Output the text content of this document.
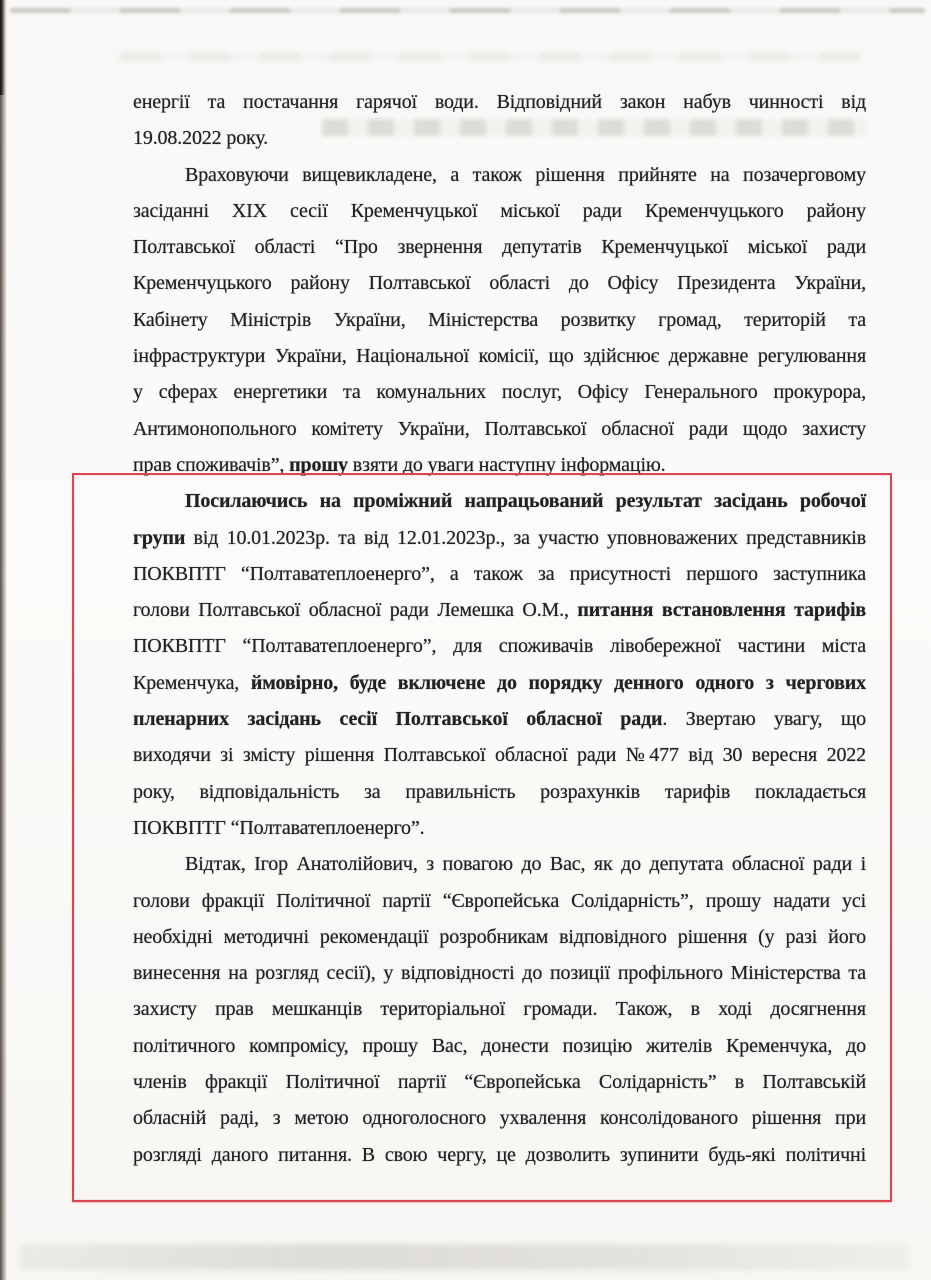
енергії та постачання гарячої води. Відповідний закон набув чинності від
19.08.2022 року.
Враховуючи вищевикладене, а також рішення прийняте на позачерговому
засіданні XIX сесії Кременчуцької міської ради Кременчуцького району
Полтавської області “Про звернення депутатів Кременчуцької міської ради
Кременчуцького району Полтавської області до Офісу Президента України,
Кабінету Міністрів України, Міністерства розвитку громад, територій та
інфраструктури України, Національної комісії, що здійснює державне регулювання
у сферах енергетики та комунальних послуг, Офісу Генерального прокурора,
Антимонопольного комітету України, Полтавської обласної ради щодо захисту
прав споживачів”, прошу взяти до уваги наступну інформацію.
Посилаючись на проміжний напрацьований результат засідань робочої
групи від 10.01.2023р. та від 12.01.2023р., за участю уповноважених представників
ПОКВПТГ “Полтаватеплоенерго”, а також за присутності першого заступника
голови Полтавської обласної ради Лемешка О.М., питання встановлення тарифів
ПОКВПТГ “Полтаватеплоенерго”, для споживачів лівобережної частини міста
Кременчука, ймовірно, буде включене до порядку денного одного з чергових
пленарних засідань сесії Полтавської обласної ради. Звертаю увагу, що
виходячи зі змісту рішення Полтавської обласної ради №477 від 30 вересня 2022
року, відповідальність за правильність розрахунків тарифів покладається
ПОКВПТГ “Полтаватеплоенерго”.
Відтак, Ігор Анатолійович, з повагою до Вас, як до депутата обласної ради і
голови фракції Політичної партії “Європейська Солідарність”, прошу надати усі
необхідні методичні рекомендації розробникам відповідного рішення (у разі його
винесення на розгляд сесії), у відповідності до позиції профільного Міністерства та
захисту прав мешканців територіальної громади. Також, в ході досягнення
політичного компромісу, прошу Вас, донести позицію жителів Кременчука, до
членів фракції Політичної партії “Європейська Солідарність” в Полтавській
обласній раді, з метою одноголосного ухвалення консолідованого рішення при
розгляді даного питання. В свою чергу, це дозволить зупинити будь-які політичні
